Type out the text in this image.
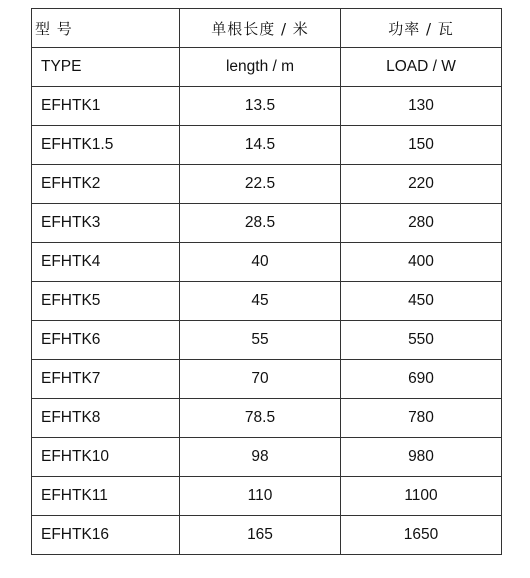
型 号	单根长度 / 米	功率 / 瓦
TYPE	length / m	LOAD / W
EFHTK1	13.5	130
EFHTK1.5	14.5	150
EFHTK2	22.5	220
EFHTK3	28.5	280
EFHTK4	40	400
EFHTK5	45	450
EFHTK6	55	550
EFHTK7	70	690
EFHTK8	78.5	780
EFHTK10	98	980
EFHTK11	110	1100
EFHTK16	165	1650
